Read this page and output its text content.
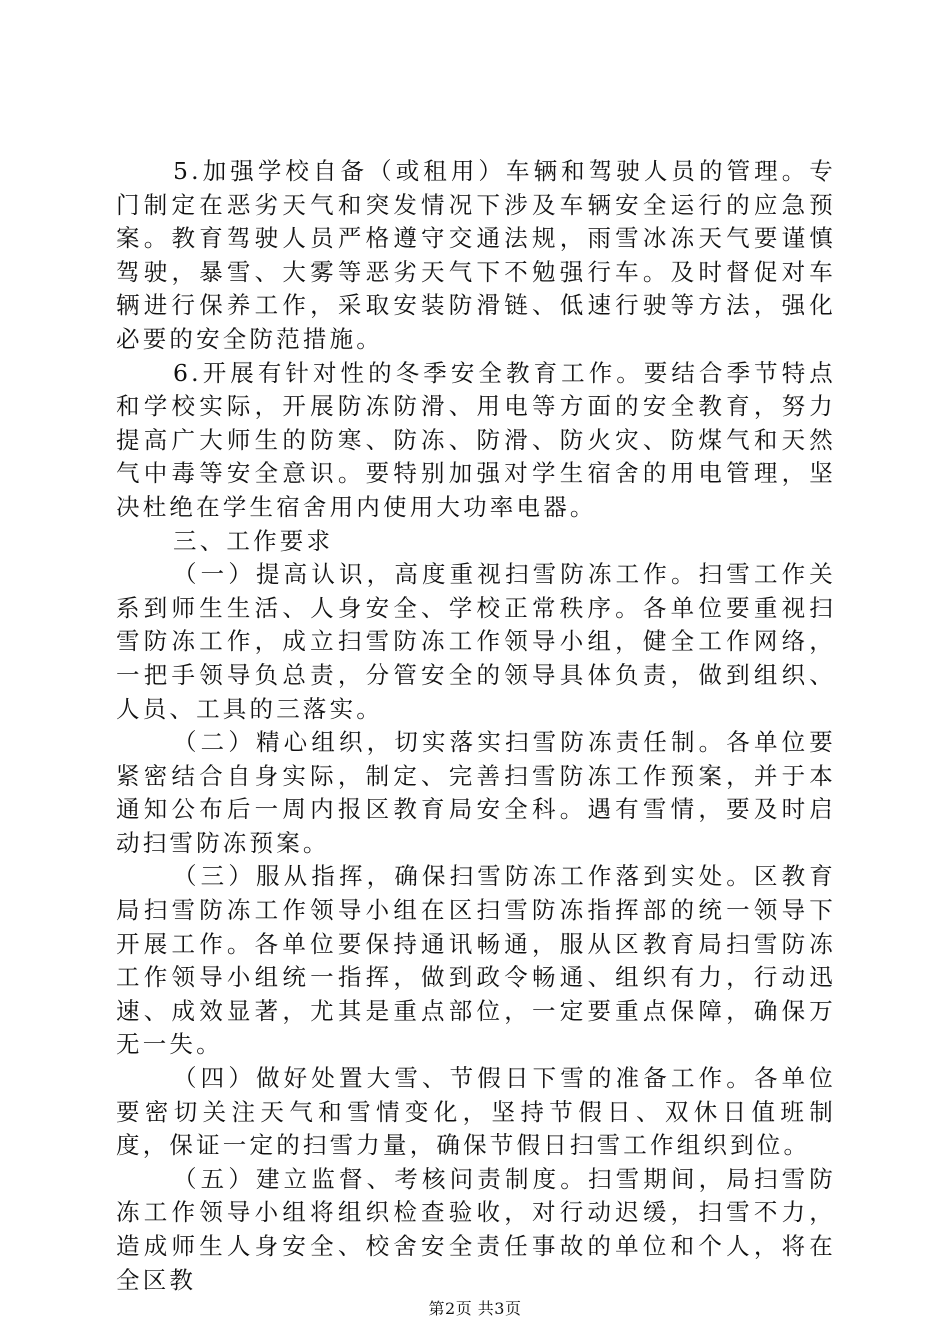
5.加强学校自备（或租用）车辆和驾驶人员的管理。专门制定在恶劣天气和突发情况下涉及车辆安全运行的应急预案。教育驾驶人员严格遵守交通法规，雨雪冰冻天气要谨慎驾驶，暴雪、大雾等恶劣天气下不勉强行车。及时督促对车辆进行保养工作，采取安装防滑链、低速行驶等方法，强化必要的安全防范措施。

6.开展有针对性的冬季安全教育工作。要结合季节特点和学校实际，开展防冻防滑、用电等方面的安全教育，努力提高广大师生的防寒、防冻、防滑、防火灾、防煤气和天然气中毒等安全意识。要特别加强对学生宿舍的用电管理，坚决杜绝在学生宿舍用内使用大功率电器。

三、工作要求

（一）提高认识，高度重视扫雪防冻工作。扫雪工作关系到师生生活、人身安全、学校正常秩序。各单位要重视扫雪防冻工作，成立扫雪防冻工作领导小组，健全工作网络，一把手领导负总责，分管安全的领导具体负责，做到组织、人员、工具的三落实。

（二）精心组织，切实落实扫雪防冻责任制。各单位要紧密结合自身实际，制定、完善扫雪防冻工作预案，并于本通知公布后一周内报区教育局安全科。遇有雪情，要及时启动扫雪防冻预案。

（三）服从指挥，确保扫雪防冻工作落到实处。区教育局扫雪防冻工作领导小组在区扫雪防冻指挥部的统一领导下开展工作。各单位要保持通讯畅通，服从区教育局扫雪防冻工作领导小组统一指挥，做到政令畅通、组织有力，行动迅速、成效显著，尤其是重点部位，一定要重点保障，确保万无一失。

（四）做好处置大雪、节假日下雪的准备工作。各单位要密切关注天气和雪情变化，坚持节假日、双休日值班制度，保证一定的扫雪力量，确保节假日扫雪工作组织到位。

（五）建立监督、考核问责制度。扫雪期间，局扫雪防冻工作领导小组将组织检查验收，对行动迟缓，扫雪不力，造成师生人身安全、校舍安全责任事故的单位和个人，将在全区教

第2页 共3页
